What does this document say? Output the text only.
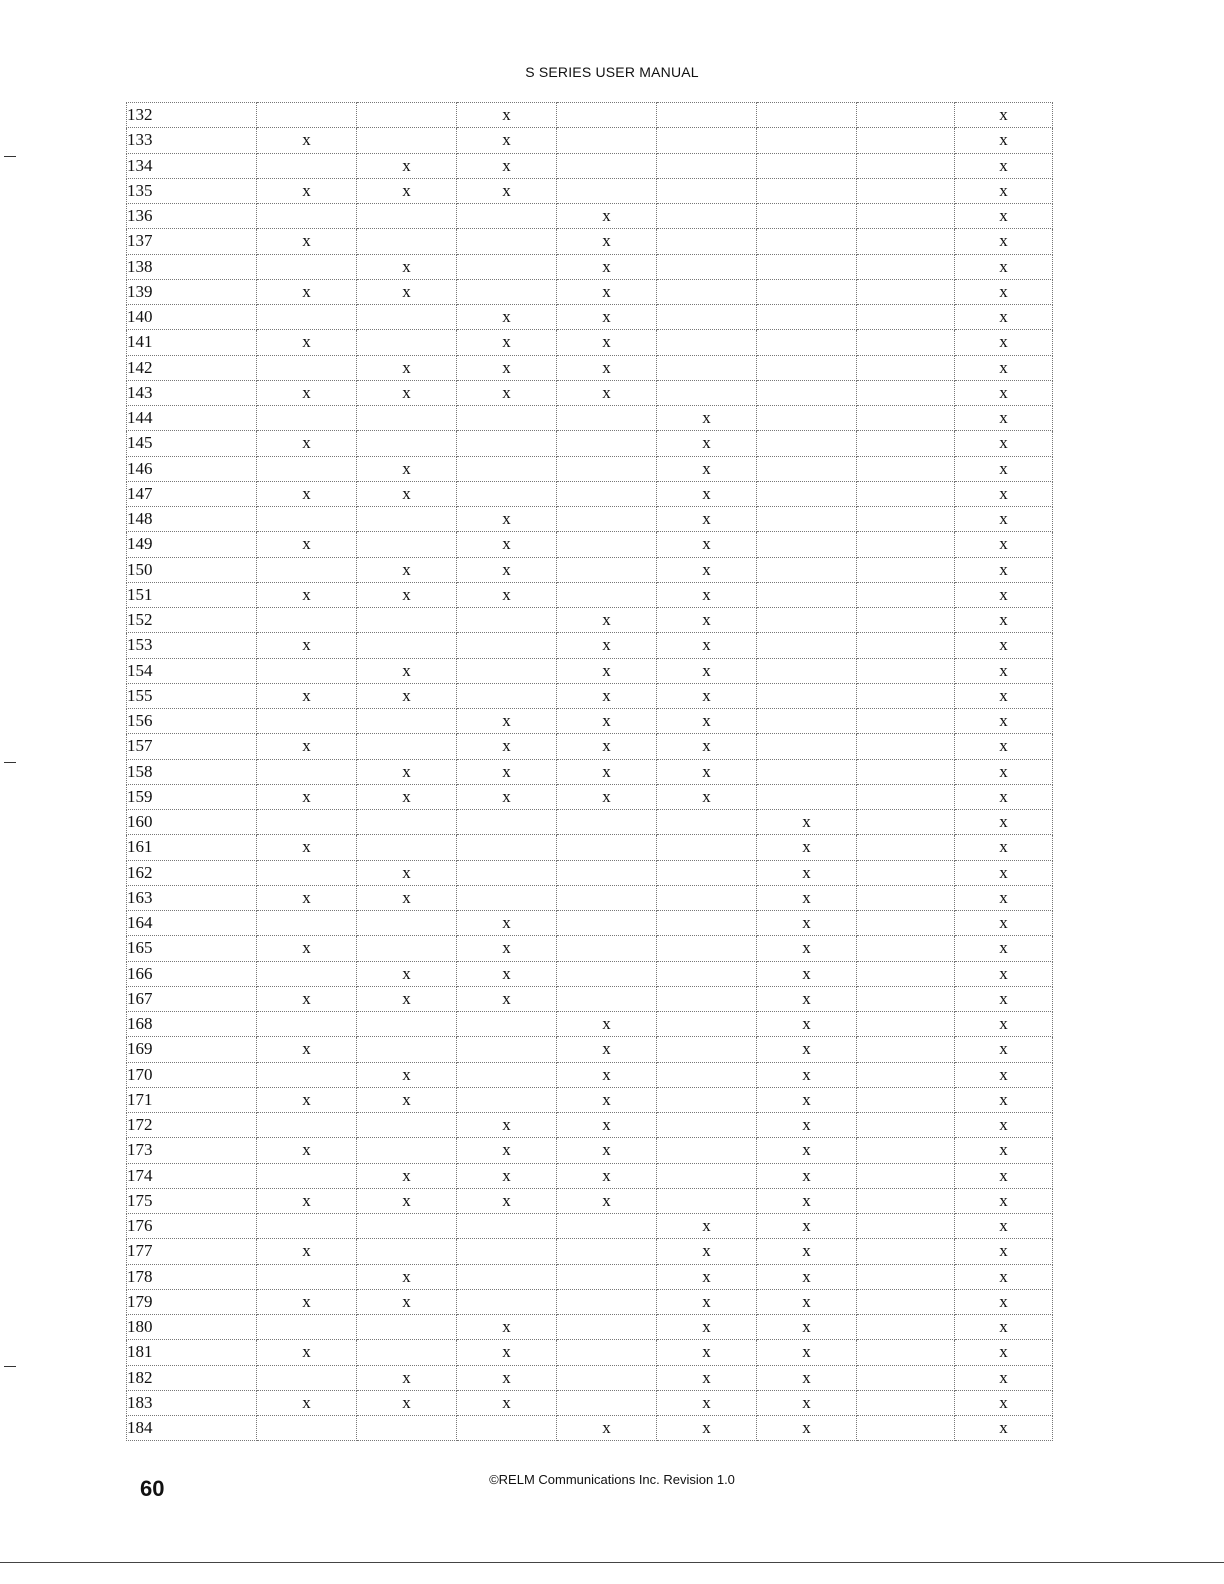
S SERIES USER MANUAL
132			x					x
133	x		x					x
134		x	x					x
135	x	x	x					x
136				x				x
137	x			x				x
138		x		x				x
139	x	x		x				x
140			x	x				x
141	x		x	x				x
142		x	x	x				x
143	x	x	x	x				x
144					x			x
145	x				x			x
146		x			x			x
147	x	x			x			x
148			x		x			x
149	x		x		x			x
150		x	x		x			x
151	x	x	x		x			x
152				x	x			x
153	x			x	x			x
154		x		x	x			x
155	x	x		x	x			x
156			x	x	x			x
157	x		x	x	x			x
158		x	x	x	x			x
159	x	x	x	x	x			x
160						x		x
161	x					x		x
162		x				x		x
163	x	x				x		x
164			x			x		x
165	x		x			x		x
166		x	x			x		x
167	x	x	x			x		x
168				x		x		x
169	x			x		x		x
170		x		x		x		x
171	x	x		x		x		x
172			x	x		x		x
173	x		x	x		x		x
174		x	x	x		x		x
175	x	x	x	x		x		x
176					x	x		x
177	x				x	x		x
178		x			x	x		x
179	x	x			x	x		x
180			x		x	x		x
181	x		x		x	x		x
182		x	x		x	x		x
183	x	x	x		x	x		x
184				x	x	x		x
60	©RELM Communications Inc. Revision 1.0
